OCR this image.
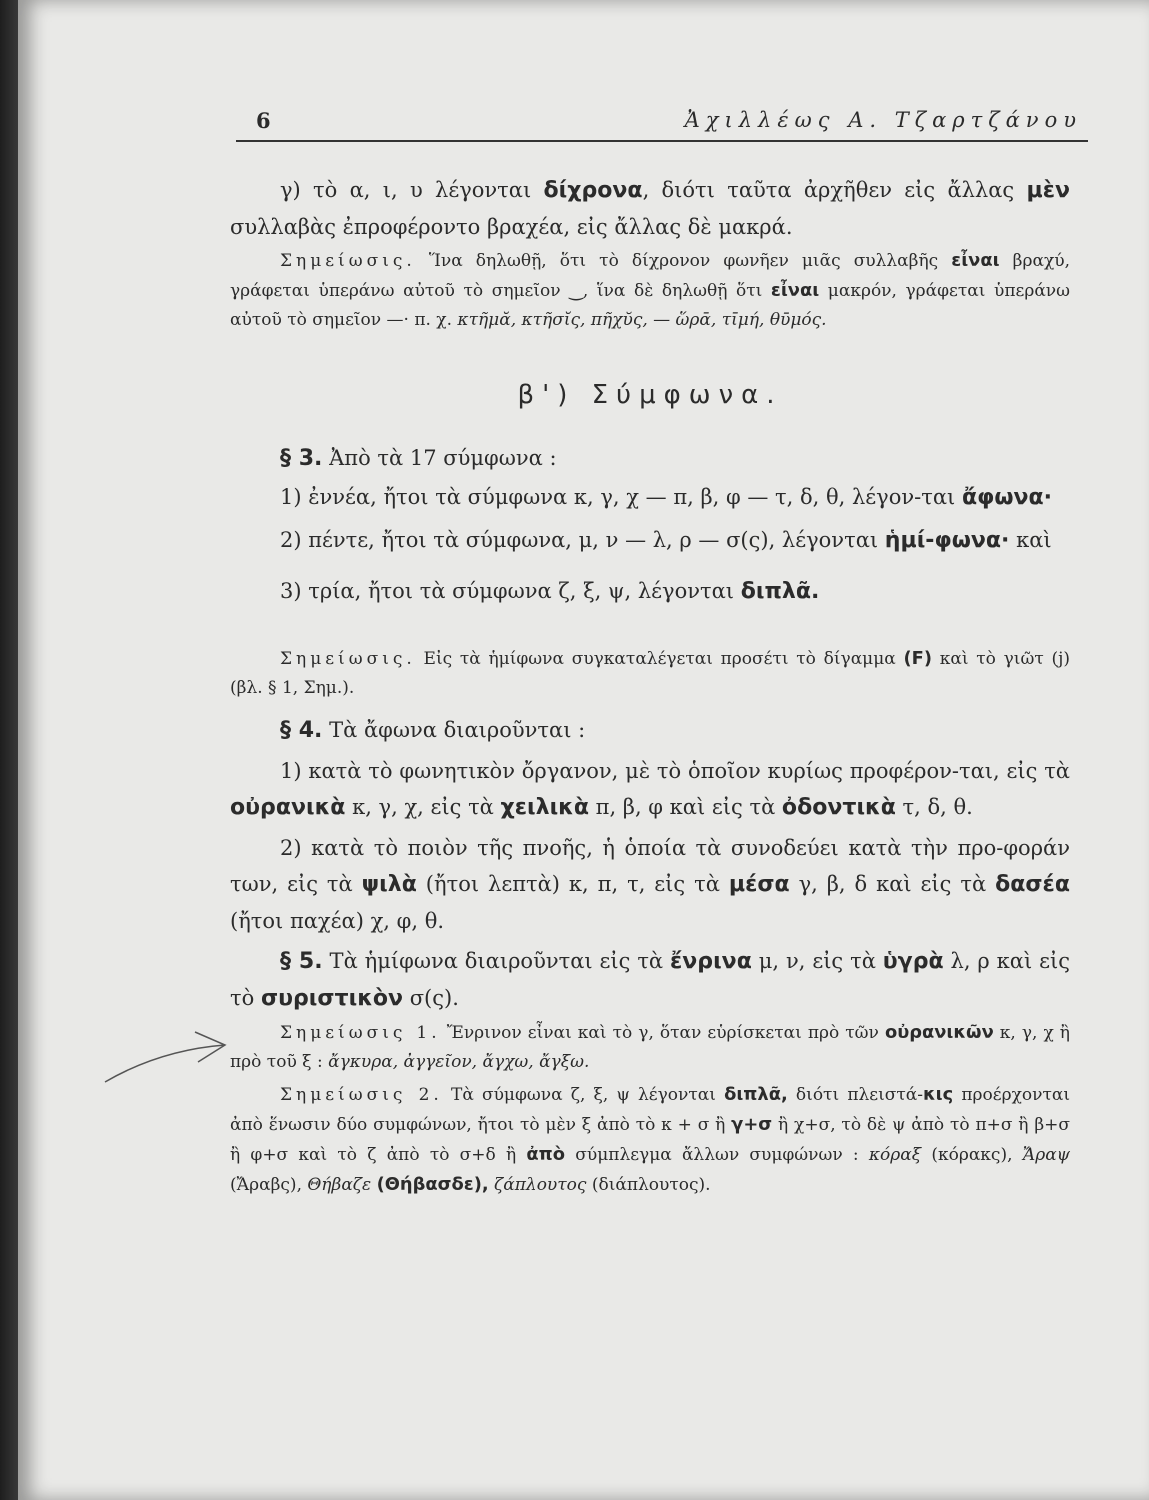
6	Ἀχιλλέως Α. Τζαρτζάνου

γ) τὸ α, ι, υ λέγονται δίχρονα, διότι ταῦτα ἀρχῆθεν εἰς ἄλλας μὲν συλλαβὰς ἐπροφέροντο βραχέα, εἰς ἄλλας δὲ μακρά.

Σημείωσις. Ἵνα δηλωθῇ, ὅτι τὸ δίχρονον φωνῆεν μιᾶς συλλαβῆς εἶναι βραχύ, γράφεται ὑπεράνω αὐτοῦ τὸ σημεῖον ‿, ἵνα δὲ δηλωθῇ ὅτι εἶναι μακρόν, γράφεται ὑπεράνω αὐτοῦ τὸ σημεῖον —· π. χ. κτῆμᾰ, κτῆσῐς, πῆχῠς, — ὥρᾱ, τῑμή, θῡμός.

β') Σύμφωνα.

§ 3. Ἀπὸ τὰ 17 σύμφωνα :

1) ἐννέα, ἤτοι τὰ σύμφωνα κ, γ, χ — π, β, φ — τ, δ, θ, λέγον-ται ἄφωνα·

2) πέντε, ἤτοι τὰ σύμφωνα, μ, ν — λ, ρ — σ(ς), λέγονται ἡμί-φωνα· καὶ

3) τρία, ἤτοι τὰ σύμφωνα ζ, ξ, ψ, λέγονται διπλᾶ.

Σημείωσις. Εἰς τὰ ἡμίφωνα συγκαταλέγεται προσέτι τὸ δίγαμμα (F) καὶ τὸ γιῶτ (j) (βλ. § 1, Σημ.).

§ 4. Τὰ ἄφωνα διαιροῦνται :

1) κατὰ τὸ φωνητικὸν ὄργανον, μὲ τὸ ὁποῖον κυρίως προφέρον-ται, εἰς τὰ οὐρανικὰ κ, γ, χ, εἰς τὰ χειλικὰ π, β, φ καὶ εἰς τὰ ὀδοντικὰ τ, δ, θ.

2) κατὰ τὸ ποιὸν τῆς πνοῆς, ἡ ὁποία τὰ συνοδεύει κατὰ τὴν προ-φοράν των, εἰς τὰ ψιλὰ (ἤτοι λεπτὰ) κ, π, τ, εἰς τὰ μέσα γ, β, δ καὶ εἰς τὰ δασέα (ἤτοι παχέα) χ, φ, θ.

§ 5. Τὰ ἡμίφωνα διαιροῦνται εἰς τὰ ἔνρινα μ, ν, εἰς τὰ ὑγρὰ λ, ρ καὶ εἰς τὸ συριστικὸν σ(ς).

Σημείωσις 1. Ἔνρινον εἶναι καὶ τὸ γ, ὅταν εὑρίσκεται πρὸ τῶν οὐρανικῶν κ, γ, χ ἢ πρὸ τοῦ ξ : ἄγκυρα, ἀγγεῖον, ἄγχω, ἄγξω.

Σημείωσις 2. Τὰ σύμφωνα ζ, ξ, ψ λέγονται διπλᾶ, διότι πλειστά-κις προέρχονται ἀπὸ ἕνωσιν δύο συμφώνων, ἤτοι τὸ μὲν ξ ἀπὸ τὸ κ + σ ἢ γ+σ ἢ χ+σ, τὸ δὲ ψ ἀπὸ τὸ π+σ ἢ β+σ ἢ φ+σ καὶ τὸ ζ ἀπὸ τὸ σ+δ ἢ ἀπὸ σύμπλεγμα ἄλλων συμφώνων : κόραξ (κόρακς), Ἄραψ (Ἄραβς), Θήβαζε (Θήβασδε), ζάπλουτος (διάπλουτος).
